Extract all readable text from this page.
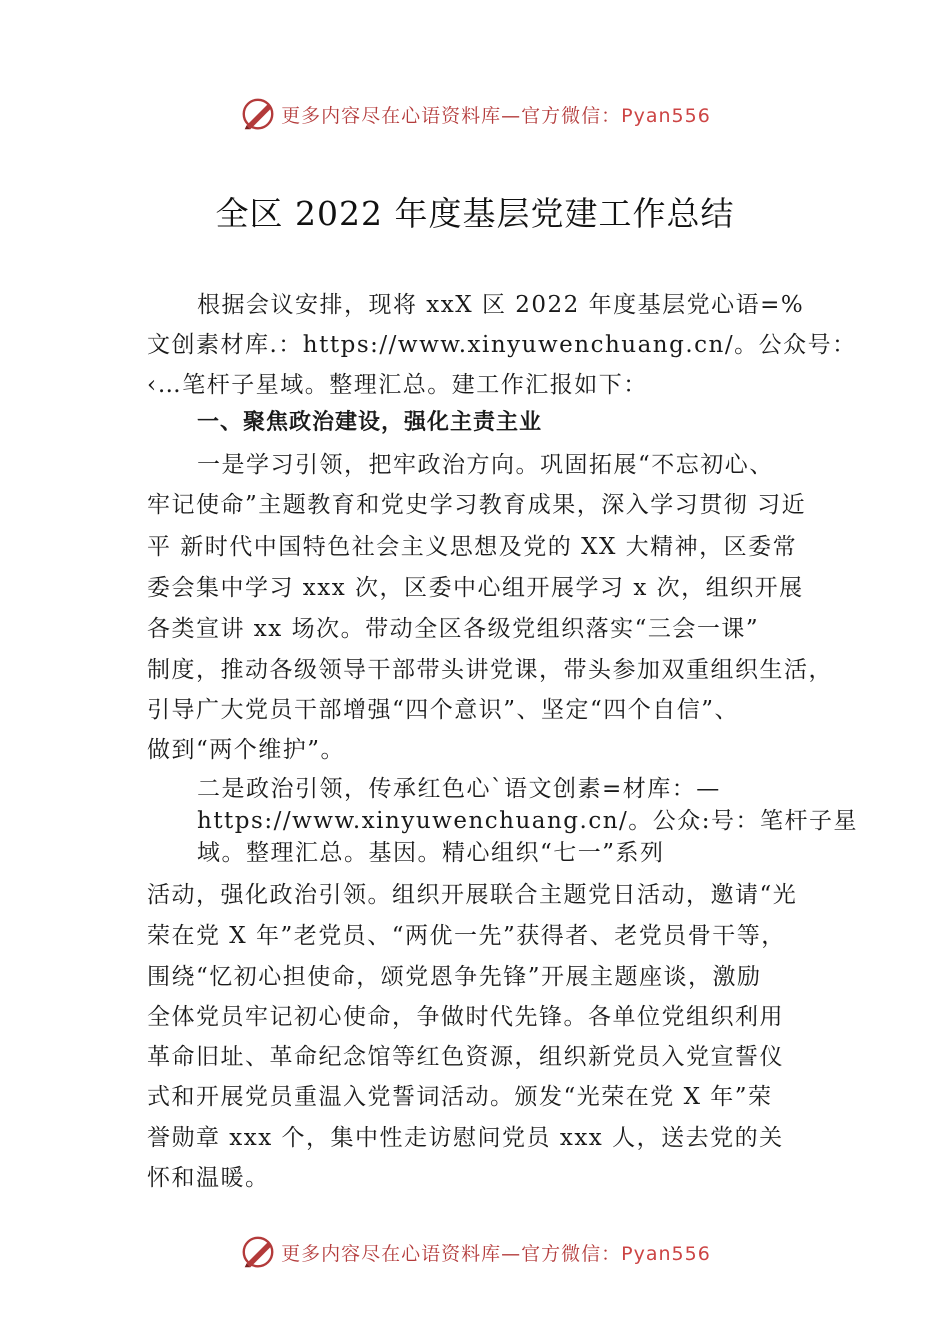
更多内容尽在心语资料库—官方微信：Pyan556
全区 2022 年度基层党建工作总结
根据会议安排，现将 xxX 区 2022 年度基层党心语=%
文创素材库.：https://www.xinyuwenchuang.cn/。公众号：
‹…笔杆子星域。整理汇总。建工作汇报如下：
一、聚焦政治建设，强化主责主业
一是学习引领，把牢政治方向。巩固拓展“不忘初心、
牢记使命”主题教育和党史学习教育成果，深入学习贯彻 习近
平 新时代中国特色社会主义思想及党的 XX 大精神，区委常
委会集中学习 xxx 次，区委中心组开展学习 x 次，组织开展
各类宣讲 xx 场次。带动全区各级党组织落实“三会一课”
制度，推动各级领导干部带头讲党课，带头参加双重组织生活，
引导广大党员干部增强“四个意识”、坚定“四个自信”、
做到“两个维护”。
二是政治引领，传承红色心`语文创素=材库：—
https://www.xinyuwenchuang.cn/。公众:号：笔杆子星
域。整理汇总。基因。精心组织“七一”系列
活动，强化政治引领。组织开展联合主题党日活动，邀请“光
荣在党 X 年”老党员、“两优一先”获得者、老党员骨干等，
围绕“忆初心担使命，颂党恩争先锋”开展主题座谈，激励
全体党员牢记初心使命，争做时代先锋。各单位党组织利用
革命旧址、革命纪念馆等红色资源，组织新党员入党宣誓仪
式和开展党员重温入党誓词活动。颁发“光荣在党 X 年”荣
誉勋章 xxx 个，集中性走访慰问党员 xxx 人，送去党的关
怀和温暖。
更多内容尽在心语资料库—官方微信：Pyan556
